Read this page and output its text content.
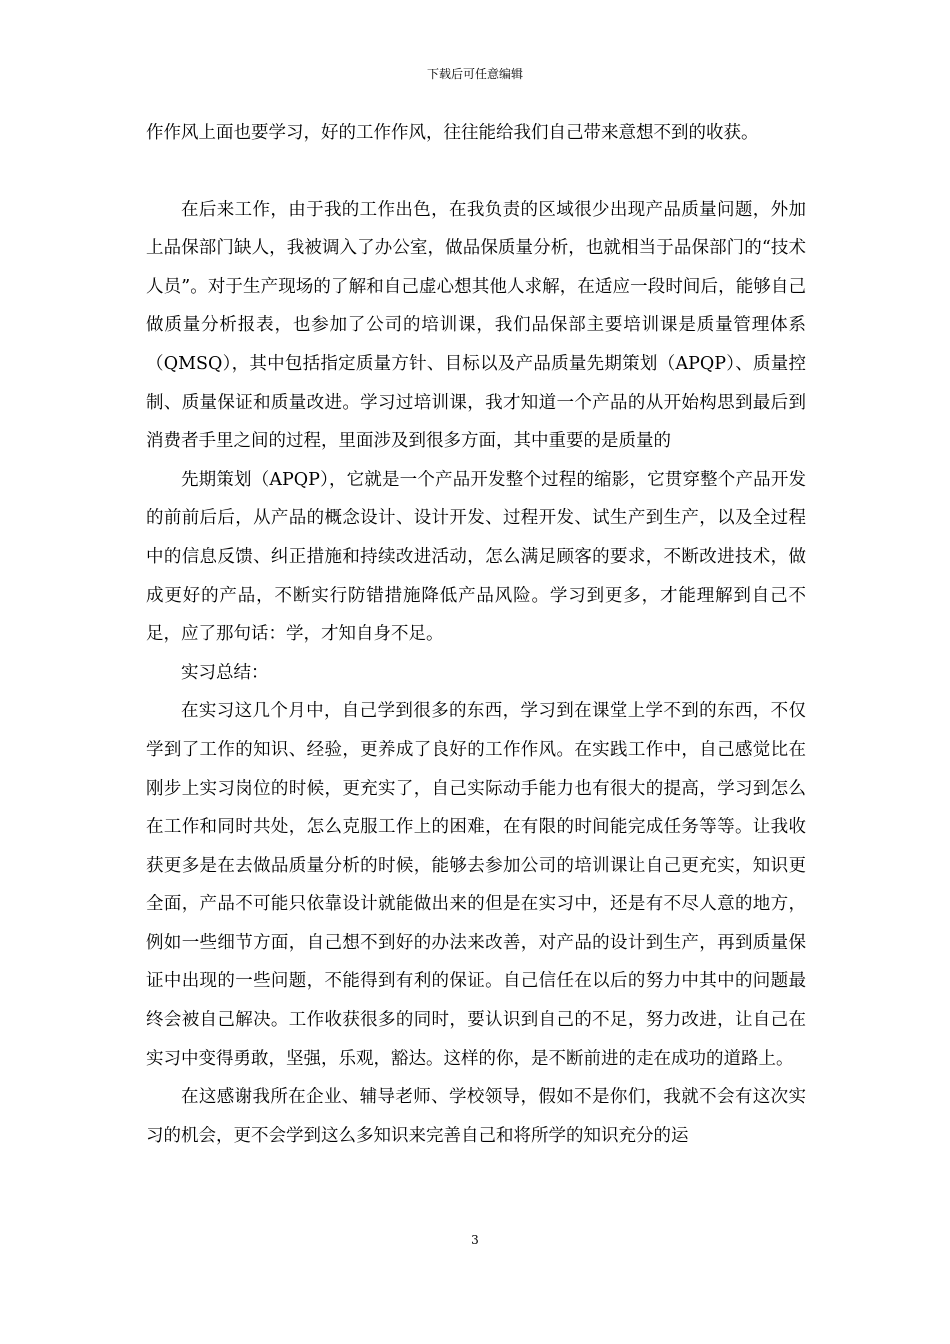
下载后可任意编辑

作作风上面也要学习，好的工作作风，往往能给我们自己带来意想不到的收获。

在后来工作，由于我的工作出色，在我负责的区域很少出现产品质量问题，外加上品保部门缺人，我被调入了办公室，做品保质量分析，也就相当于品保部门的“技术人员”。对于生产现场的了解和自己虚心想其他人求解，在适应一段时间后，能够自己做质量分析报表，也参加了公司的培训课，我们品保部主要培训课是质量管理体系（QMSQ），其中包括指定质量方针、目标以及产品质量先期策划（APQP）、质量控制、质量保证和质量改进。学习过培训课，我才知道一个产品的从开始构思到最后到消费者手里之间的过程，里面涉及到很多方面，其中重要的是质量的

先期策划（APQP），它就是一个产品开发整个过程的缩影，它贯穿整个产品开发的前前后后，从产品的概念设计、设计开发、过程开发、试生产到生产，以及全过程中的信息反馈、纠正措施和持续改进活动，怎么满足顾客的要求，不断改进技术，做成更好的产品，不断实行防错措施降低产品风险。学习到更多，才能理解到自己不足，应了那句话：学，才知自身不足。

实习总结：

在实习这几个月中，自己学到很多的东西，学习到在课堂上学不到的东西，不仅学到了工作的知识、经验，更养成了良好的工作作风。在实践工作中，自己感觉比在刚步上实习岗位的时候，更充实了，自己实际动手能力也有很大的提高，学习到怎么在工作和同时共处，怎么克服工作上的困难，在有限的时间能完成任务等等。让我收获更多是在去做品质量分析的时候，能够去参加公司的培训课让自己更充实，知识更全面，产品不可能只依靠设计就能做出来的但是在实习中，还是有不尽人意的地方，例如一些细节方面，自己想不到好的办法来改善，对产品的设计到生产，再到质量保证中出现的一些问题，不能得到有利的保证。自己信任在以后的努力中其中的问题最终会被自己解决。工作收获很多的同时，要认识到自己的不足，努力改进，让自己在实习中变得勇敢，坚强，乐观，豁达。这样的你，是不断前进的走在成功的道路上。

在这感谢我所在企业、辅导老师、学校领导，假如不是你们，我就不会有这次实习的机会，更不会学到这么多知识来完善自己和将所学的知识充分的运

3
